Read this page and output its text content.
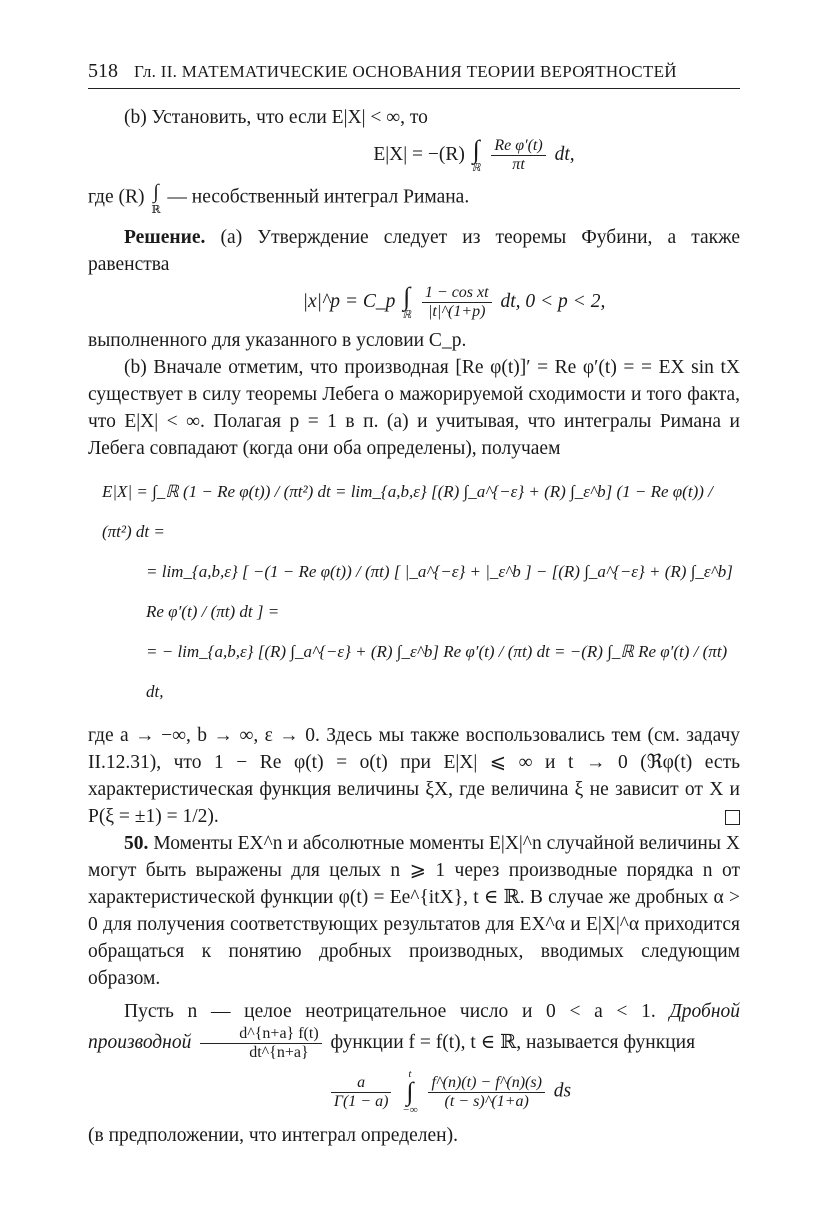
518 Гл. II. МАТЕМАТИЧЕСКИЕ ОСНОВАНИЯ ТЕОРИИ ВЕРОЯТНОСТЕЙ

(b) Установить, что если E|X| < ∞, то

E|X| = −(R) ∫
ℝ
$\frac{\text{Re φ′(t)}}{\pi t}$ dt,

где (R) ∫
ℝ
— несобственный интеграл Римана.

Решение. (a) Утверждение следует из теоремы Фубини, а также равенства

|x|^p = C_p ∫
ℝ
$\frac{\text{1 − cos xt}}{|t|\^{}(1+p)}$ dt, 0 < p < 2,

выполненного для указанного в условии C_p.

(b) Вначале отметим, что производная [Re φ(t)]′ = Re φ′(t) = = EX sin tX существует в силу теоремы Лебега о мажорируемой сходимости и того факта, что E|X| < ∞. Полагая p = 1 в п. (а) и учитывая, что интегралы Римана и Лебега совпадают (когда они оба определены), получаем

E|X| = ∫_ℝ (1 − Re φ(t)) / (πt²) dt = lim_{a,b,ε} [(R) ∫_a^{−ε} + (R) ∫_ε^b] (1 − Re φ(t)) / (πt²) dt =
= lim_{a,b,ε} [ −(1 − Re φ(t)) / (πt) [ |_a^{−ε} + |_ε^b ] − [(R) ∫_a^{−ε} + (R) ∫_ε^b] Re φ′(t) / (πt) dt ] =
= − lim_{a,b,ε} [(R) ∫_a^{−ε} + (R) ∫_ε^b] Re φ′(t) / (πt) dt = −(R) ∫_ℝ Re φ′(t) / (πt) dt,

где a → −∞, b → ∞, ε → 0. Здесь мы также воспользовались тем (см. задачу II.12.31), что 1 − Re φ(t) = o(t) при E|X| ⩽ ∞ и t → 0 (ℜφ(t) есть характеристическая функция величины ξX, где величина ξ не зависит от X и P(ξ = ±1) = 1/2).

50. Моменты EX^n и абсолютные моменты E|X|^n случайной величины X могут быть выражены для целых n ⩾ 1 через производные порядка n от характеристической функции φ(t) = Ee^{itX}, t ∈ ℝ. В случае же дробных α > 0 для получения соответствующих результатов для EX^α и E|X|^α приходится обращаться к понятию дробных производных, вводимых следующим образом.

Пусть n — целое неотрицательное число и 0 < a < 1. Дробной производной $\frac{d\^{}\{n+a\} f(t)}{dt\^{}\{n+a\}}$ функции f = f(t), t ∈ ℝ, называется функция

$\frac{a}{\Gamma(1 - a)}$
	t
∫
−∞
$\frac{f\^{}(n)(t) - f\^{}(n)(s)}{(t - s)\^{}(1+a)}$ ds

(в предположении, что интеграл определен).
